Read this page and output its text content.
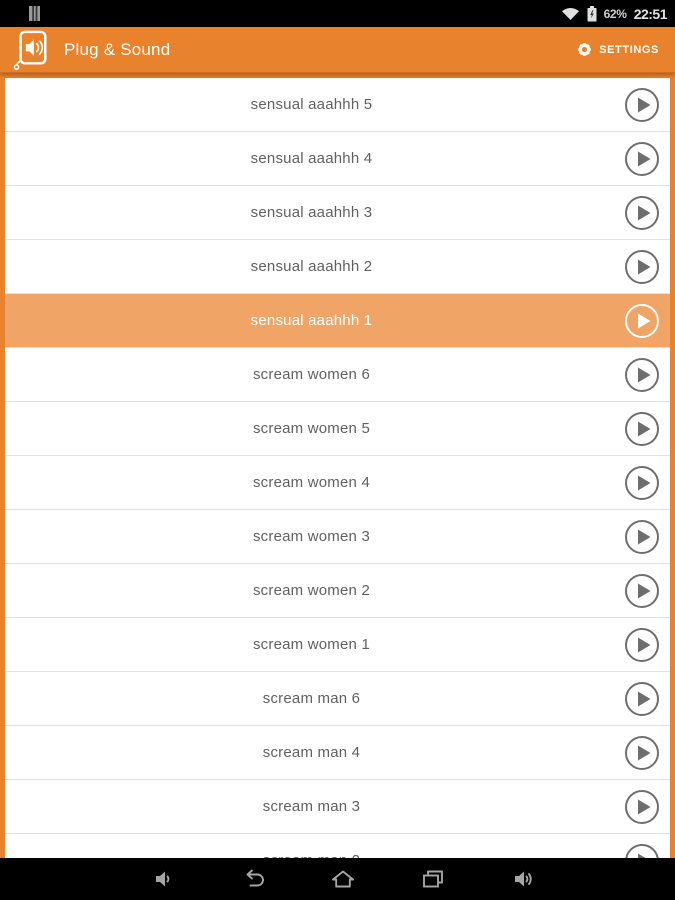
62% 22:51
Plug & Sound	SETTINGS
sensual aaahhh 5
sensual aaahhh 4
sensual aaahhh 3
sensual aaahhh 2
sensual aaahhh 1
scream women 6
scream women 5
scream women 4
scream women 3
scream women 2
scream women 1
scream man 6
scream man 4
scream man 3
